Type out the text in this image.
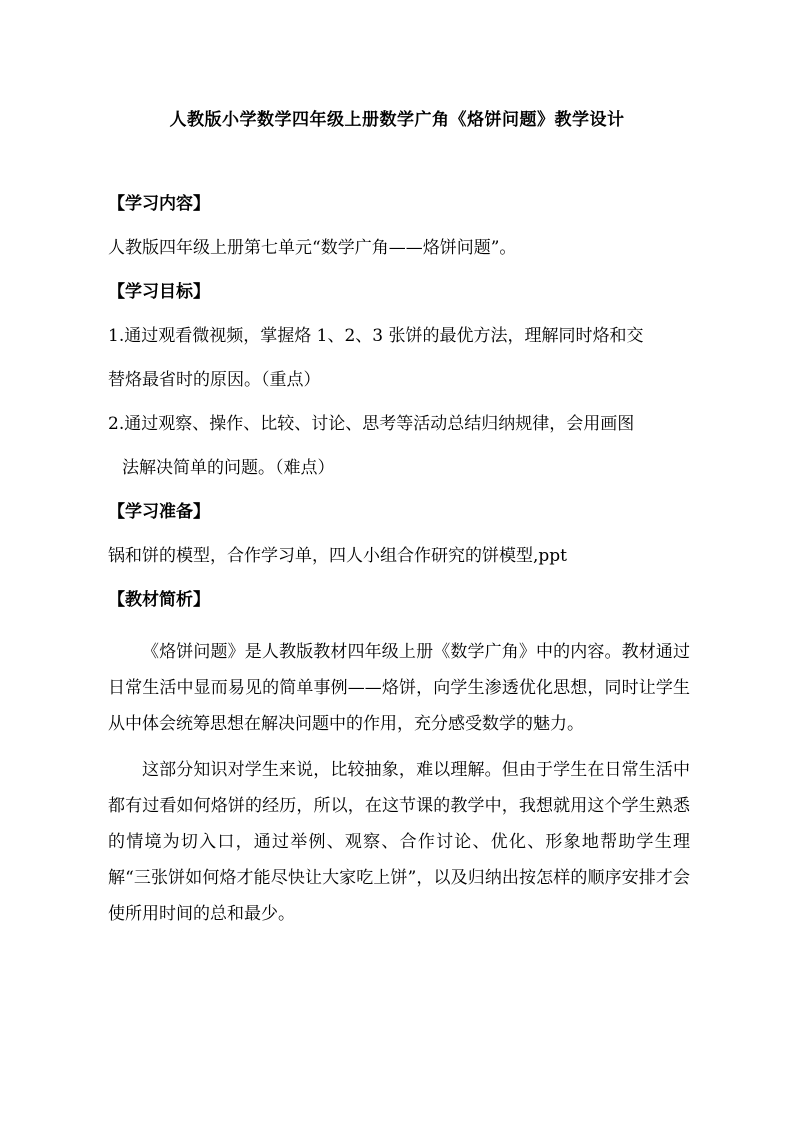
人教版小学数学四年级上册数学广角《烙饼问题》教学设计
【学习内容】
人教版四年级上册第七单元“数学广角——烙饼问题”。
【学习目标】
1.通过观看微视频，掌握烙 1、2、3 张饼的最优方法，理解同时烙和交
替烙最省时的原因。（重点）
2.通过观察、操作、比较、讨论、思考等活动总结归纳规律，会用画图
法解决简单的问题。（难点）
【学习准备】
锅和饼的模型，合作学习单，四人小组合作研究的饼模型,ppt
【教材简析】

《烙饼问题》是人教版教材四年级上册《数学广角》中的内容。教材通过日常生活中显而易见的简单事例——烙饼，向学生渗透优化思想，同时让学生从中体会统筹思想在解决问题中的作用，充分感受数学的魅力。

这部分知识对学生来说，比较抽象，难以理解。但由于学生在日常生活中都有过看如何烙饼的经历，所以，在这节课的教学中，我想就用这个学生熟悉的情境为切入口，通过举例、观察、合作讨论、优化、形象地帮助学生理解“三张饼如何烙才能尽快让大家吃上饼”，以及归纳出按怎样的顺序安排才会使所用时间的总和最少。
